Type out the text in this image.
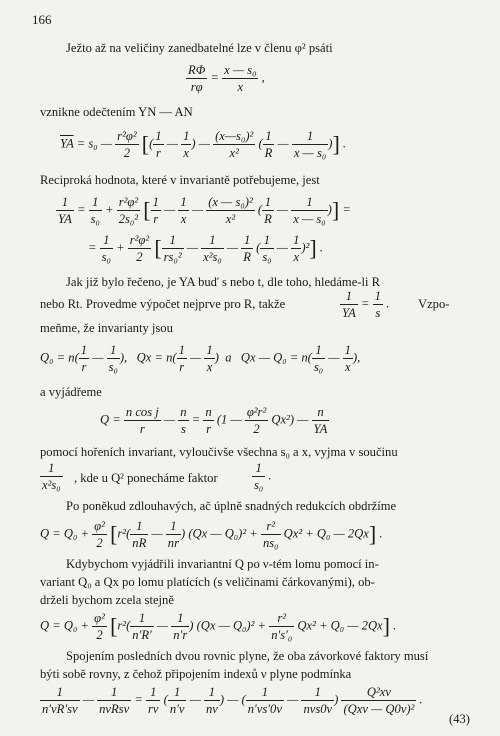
166
Ježto až na veličiny zanedbatelné lze v členu φ² psáti
$\frac{R\Phi}{r\varphi} = \frac{\text{x — s₀}}{x}$ ,
vznikne odečtením YN — AN
$\overline{YA} = s_0$ — $\frac{\text{r²φ²}}{2}$ [( $\frac{1}{r}$ — $\frac{1}{x}$ ) — $\frac{\text{(x—s₀)²}}{\text{x²}}$ ( $\frac{1}{R}$ — $\frac{1}{\text{x — s₀}}$ )] .
Reciproká hodnota, které v invariantě potřebujeme, jest
$\frac{1}{YA} = \frac{1}{\text{s₀}} + \frac{\text{r²φ²}}{\text{2s₀²}}$ [ $\frac{1}{r}$ — $\frac{1}{x}$ — $\frac{\text{(x — s₀)²}}{\text{x²}}$ ( $\frac{1}{R}$ — $\frac{1}{\text{x — s₀}}$ )] =
= $\frac{1}{\text{s₀}} + \frac{\text{r²φ²}}{2}$ [ $\frac{1}{\text{rs₀²}}$ — $\frac{1}{\text{x²s₀}}$ — $\frac{1}{R}$ ( $\frac{1}{\text{s₀}}$ — $\frac{1}{x} )^2$] .
Jak již bylo řečeno, je YA buď s nebo t, dle toho, hledáme-li R
nebo Rt. Provedme výpočet nejprve pro R, takže	$\frac{1}{YA} = \frac{1}{s}$ . Vzpo-
meňme, že invarianty jsou
$Q_0 = n( \frac{1}{r}$ — $\frac{1}{\text{s₀}}$ ),   $Qx = n( \frac{1}{r}$ — $\frac{1}{x}$ )  a   Qx — $Q_0 = n( \frac{1}{\text{s₀}}$ — $\frac{1}{x}$ ),
a vyjádřeme
$Q = \frac{\text{n cos j}}{r}$ — $\frac{n}{s} = \frac{n}{r} (1$ — $\frac{\text{φ²r²}}{2} Qx^2$) — $\frac{n}{YA}$
pomocí hořeních invariant, vyloučivše všechna s₀ a x, vyjma v součinu
$\frac{1}{\text{x²s₀}}$ , kde u Q² ponecháme faktor	$\frac{1}{\text{s₀}}$ .
Po poněkud zdlouhavých, ač úplně snadných redukcích obdržíme
$Q = Q_0 + \frac{\text{φ²}}{2} [r^2( \frac{1}{nR}$ — $\frac{1}{nr}$ ) (Qx — $Q_0)^2 + \frac{\text{r²}}{\text{ns₀}} Qx^2 + Q_0$ — 2Qx] .
Kdybychom vyjádřili invariantní Q po ν-tém lomu pomocí in-
variant Q₀ a Qx po lomu platících (s veličinami čárkovanými), ob-
drželi bychom zcela stejně
$Q = Q_0 + \frac{\text{φ²}}{2} [r^2( \frac{1}{n'R'}$ — $\frac{1}{n'r}$ ) (Qx — $Q_0)^2 + \frac{\text{r²}}{\text{n′s′₀}} Qx^2 + Q_0$ — 2Qx] .
Spojením posledních dvou rovnic plyne, že oba závorkové faktory musí
býti sobě rovny, z čehož připojením indexů ν plyne podmínka
$\frac{1}{n'\nu R's\nu}$ —
1
nνRsν
= $\frac{1}{r\nu}$ ( $\frac{1}{n'\nu}$ — $\frac{1}{n\nu}$ ) — ( $\frac{1}{n'\nu s'0\nu}$ —
1
nνs0ν
)
Q²xν
(Qxν — Q0ν)²
.
(43)
